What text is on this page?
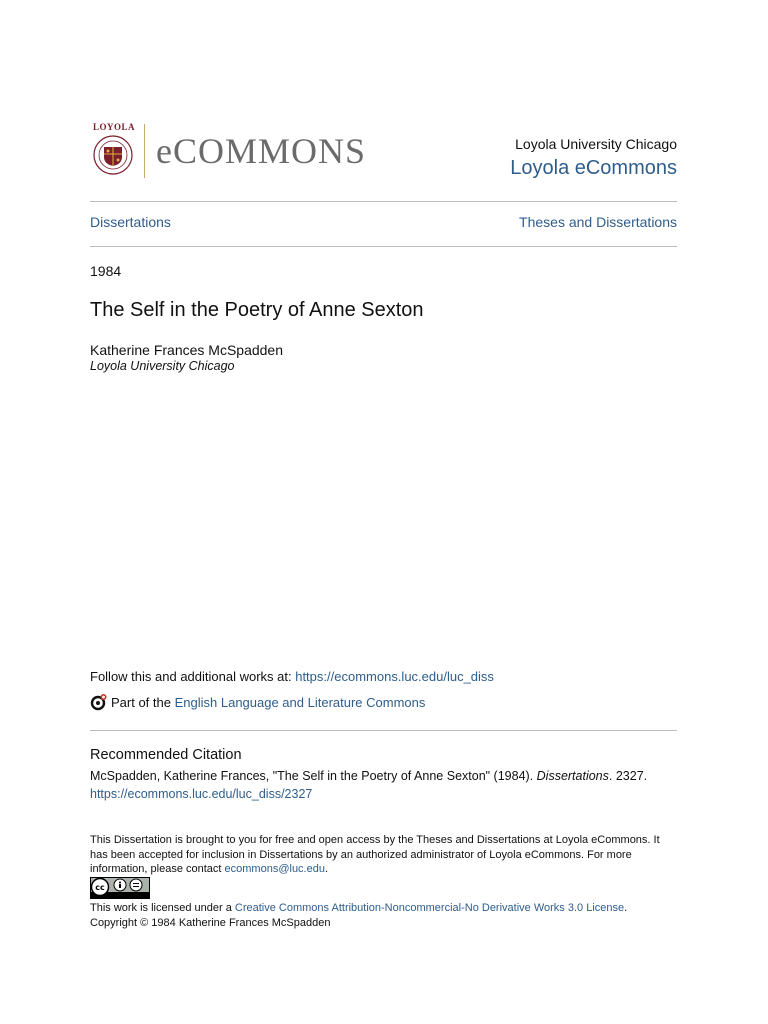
LOYOLA
eCOMMONS	Loyola University Chicago
Loyola eCommons
Dissertations	Theses and Dissertations
1984
The Self in the Poetry of Anne Sexton
Katherine Frances McSpadden
Loyola University Chicago
Follow this and additional works at: https://ecommons.luc.edu/luc_diss
Part of the
English Language and Literature Commons
Recommended Citation
McSpadden, Katherine Frances, "The Self in the Poetry of Anne Sexton" (1984). Dissertations. 2327.
https://ecommons.luc.edu/luc_diss/2327
This Dissertation is brought to you for free and open access by the Theses and Dissertations at Loyola eCommons. It has been accepted for inclusion in Dissertations by an authorized administrator of Loyola eCommons. For more information, please contact ecommons@luc.edu.
cc
This work is licensed under a Creative Commons Attribution-Noncommercial-No Derivative Works 3.0 License.
Copyright © 1984 Katherine Frances McSpadden
